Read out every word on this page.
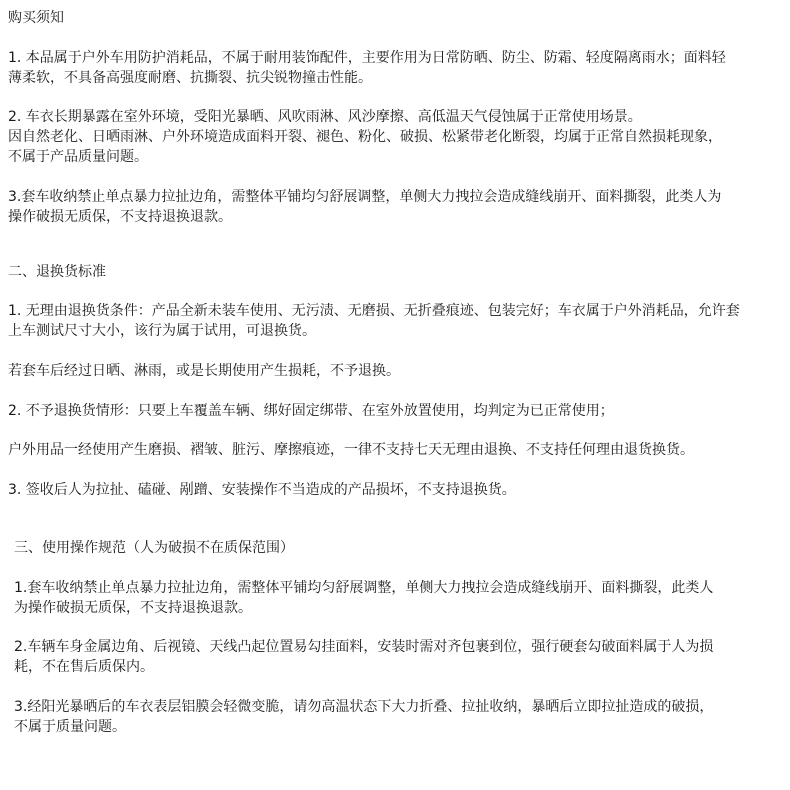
购买须知

1. 本品属于户外车用防护消耗品，不属于耐用装饰配件，主要作用为日常防晒、防尘、防霜、轻度隔离雨水；面料轻

薄柔软，不具备高强度耐磨、抗撕裂、抗尖锐物撞击性能。

2. 车衣长期暴露在室外环境，受阳光暴晒、风吹雨淋、风沙摩擦、高低温天气侵蚀属于正常使用场景。

因自然老化、日晒雨淋、户外环境造成面料开裂、褪色、粉化、破损、松紧带老化断裂，均属于正常自然损耗现象，

不属于产品质量问题。

3.套车收纳禁止单点暴力拉扯边角，需整体平铺均匀舒展调整，单侧大力拽拉会造成缝线崩开、面料撕裂，此类人为

操作破损无质保，不支持退换退款。

二、退换货标准

1. 无理由退换货条件：产品全新未装车使用、无污渍、无磨损、无折叠痕迹、包装完好；车衣属于户外消耗品，允许套

上车测试尺寸大小，该行为属于试用，可退换货。

若套车后经过日晒、淋雨，或是长期使用产生损耗，不予退换。

2. 不予退换货情形：只要上车覆盖车辆、绑好固定绑带、在室外放置使用，均判定为已正常使用；

户外用品一经使用产生磨损、褶皱、脏污、摩擦痕迹，一律不支持七天无理由退换、不支持任何理由退货换货。

3. 签收后人为拉扯、磕碰、剐蹭、安装操作不当造成的产品损坏，不支持退换货。

三、使用操作规范（人为破损不在质保范围）

1.套车收纳禁止单点暴力拉扯边角，需整体平铺均匀舒展调整，单侧大力拽拉会造成缝线崩开、面料撕裂，此类人

为操作破损无质保，不支持退换退款。

2.车辆车身金属边角、后视镜、天线凸起位置易勾挂面料，安装时需对齐包裹到位，强行硬套勾破面料属于人为损

耗，不在售后质保内。

3.经阳光暴晒后的车衣表层铝膜会轻微变脆，请勿高温状态下大力折叠、拉扯收纳，暴晒后立即拉扯造成的破损，

不属于质量问题。
